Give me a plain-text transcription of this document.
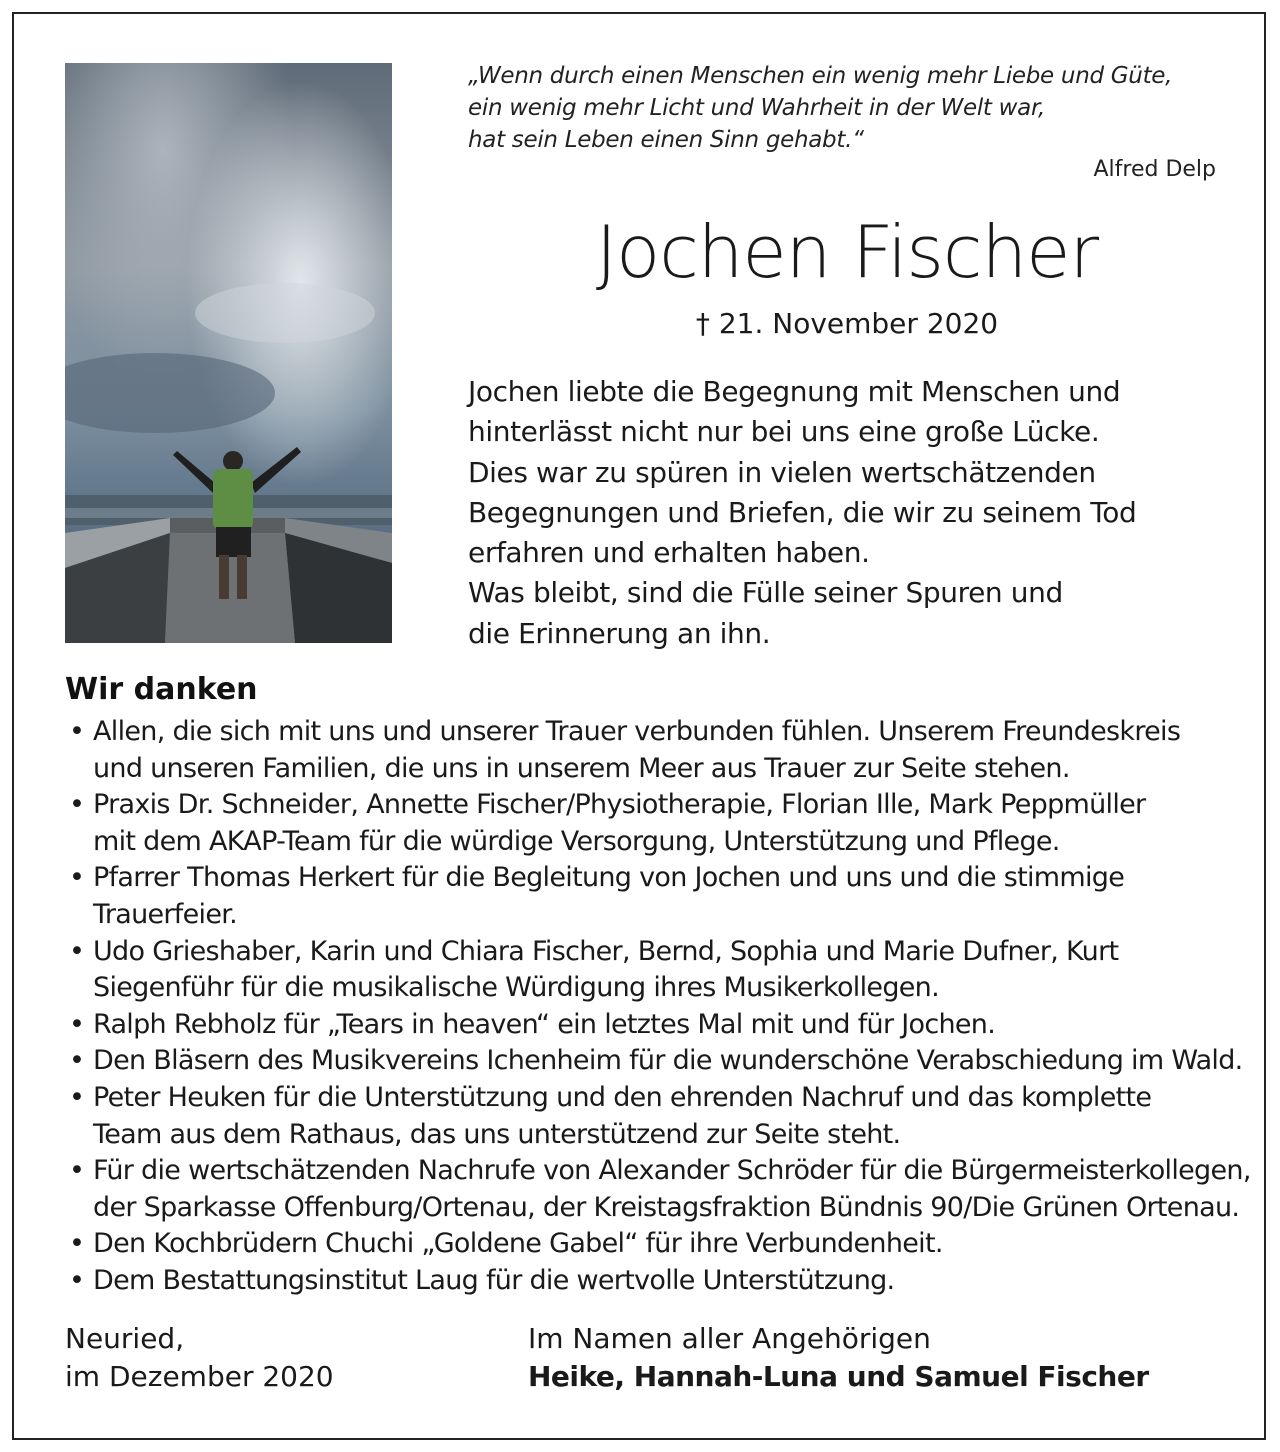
„Wenn durch einen Menschen ein wenig mehr Liebe und Güte,
ein wenig mehr Licht und Wahrheit in der Welt war,
hat sein Leben einen Sinn gehabt.“
Alfred Delp
Jochen Fischer
† 21. November 2020
Jochen liebte die Begegnung mit Menschen und
hinterlässt nicht nur bei uns eine große Lücke.
Dies war zu spüren in vielen wertschätzenden
Begegnungen und Briefen, die wir zu seinem Tod
erfahren und erhalten haben.
Was bleibt, sind die Fülle seiner Spuren und
die Erinnerung an ihn.
Wir danken
• Allen, die sich mit uns und unserer Trauer verbunden fühlen. Unserem Freundeskreis
und unseren Familien, die uns in unserem Meer aus Trauer zur Seite stehen.
• Praxis Dr. Schneider, Annette Fischer/Physiotherapie, Florian Ille, Mark Peppmüller
mit dem AKAP-Team für die würdige Versorgung, Unterstützung und Pflege.
• Pfarrer Thomas Herkert für die Begleitung von Jochen und uns und die stimmige
Trauerfeier.
• Udo Grieshaber, Karin und Chiara Fischer, Bernd, Sophia und Marie Dufner, Kurt
Siegenführ für die musikalische Würdigung ihres Musikerkollegen.
• Ralph Rebholz für „Tears in heaven“ ein letztes Mal mit und für Jochen.
• Den Bläsern des Musikvereins Ichenheim für die wunderschöne Verabschiedung im Wald.
• Peter Heuken für die Unterstützung und den ehrenden Nachruf und das komplette
Team aus dem Rathaus, das uns unterstützend zur Seite steht.
• Für die wertschätzenden Nachrufe von Alexander Schröder für die Bürgermeisterkollegen,
der Sparkasse Offenburg/Ortenau, der Kreistagsfraktion Bündnis 90/Die Grünen Ortenau.
• Den Kochbrüdern Chuchi „Goldene Gabel“ für ihre Verbundenheit.
• Dem Bestattungsinstitut Laug für die wertvolle Unterstützung.
Neuried,
im Dezember 2020
Im Namen aller Angehörigen
Heike, Hannah-Luna und Samuel Fischer
